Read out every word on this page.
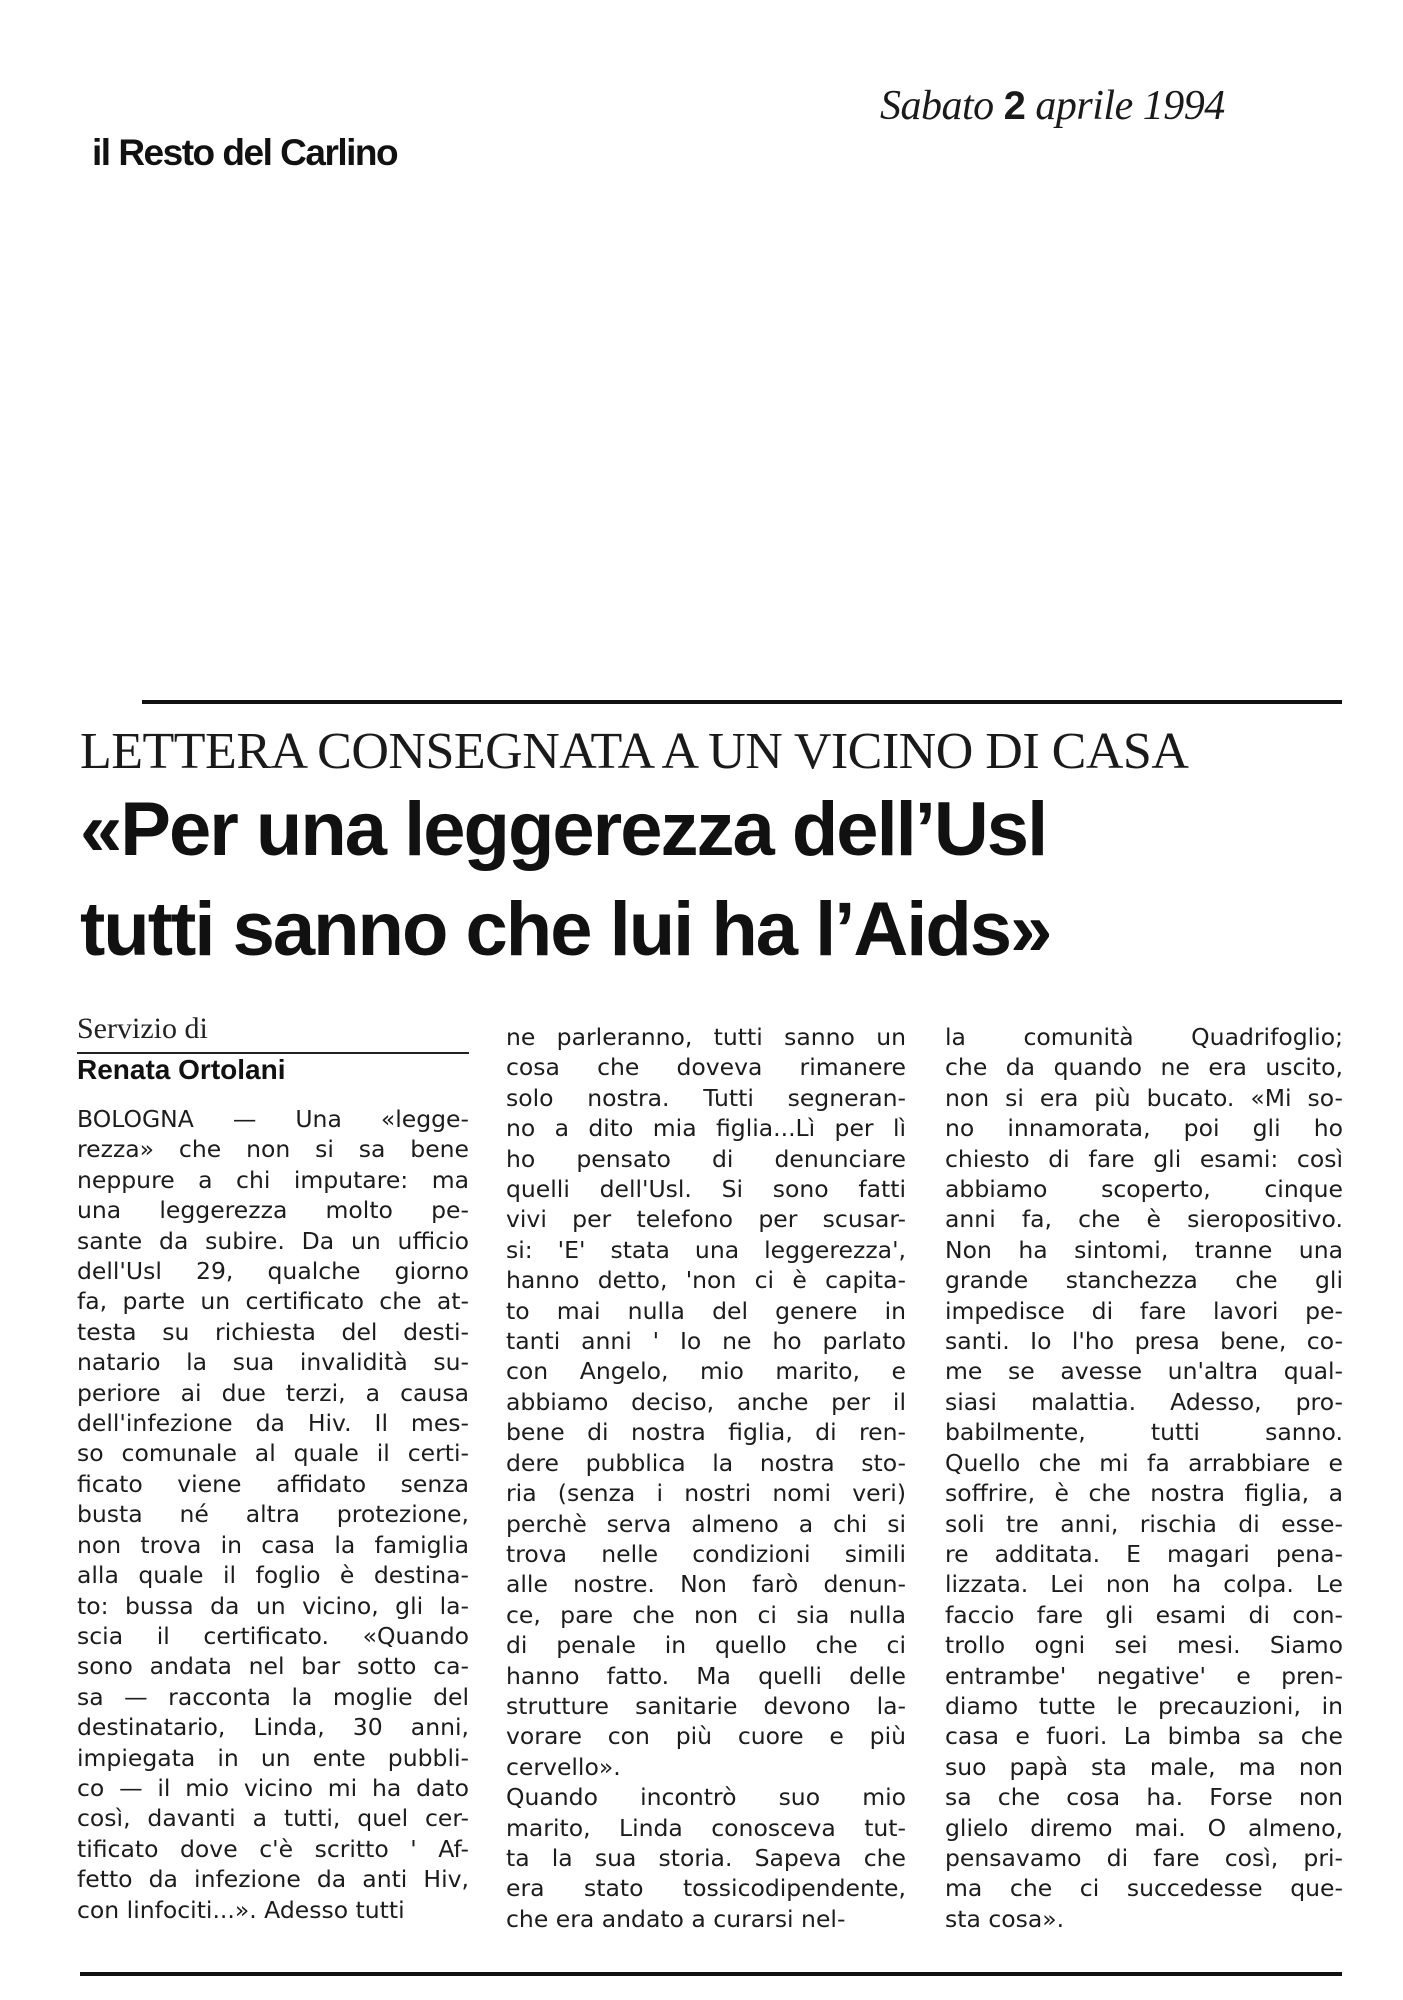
il Resto del Carlino
Sabato 2 aprile 1994
LETTERA CONSEGNATA A UN VICINO DI CASA
«Per una leggerezza dell’Usl
tutti sanno che lui ha l’Aids»
Servizio di
Renata Ortolani
BOLOGNA — Una «legge-
rezza» che non si sa bene
neppure a chi imputare: ma
una leggerezza molto pe-
sante da subire. Da un ufficio
dell'Usl 29, qualche giorno
fa, parte un certificato che at-
testa su richiesta del desti-
natario la sua invalidità su-
periore ai due terzi, a causa
dell'infezione da Hiv. Il mes-
so comunale al quale il certi-
ficato viene affidato senza
busta né altra protezione,
non trova in casa la famiglia
alla quale il foglio è destina-
to: bussa da un vicino, gli la-
scia il certificato. «Quando
sono andata nel bar sotto ca-
sa — racconta la moglie del
destinatario, Linda, 30 anni,
impiegata in un ente pubbli-
co — il mio vicino mi ha dato
così, davanti a tutti, quel cer-
tificato dove c'è scritto ' Af-
fetto da infezione da anti Hiv,
con linfociti...». Adesso tutti
ne parleranno, tutti sanno un
cosa che doveva rimanere
solo nostra. Tutti segneran-
no a dito mia figlia...Lì per lì
ho pensato di denunciare
quelli dell'Usl. Si sono fatti
vivi per telefono per scusar-
si: 'E' stata una leggerezza',
hanno detto, 'non ci è capita-
to mai nulla del genere in
tanti anni ' Io ne ho parlato
con Angelo, mio marito, e
abbiamo deciso, anche per il
bene di nostra figlia, di ren-
dere pubblica la nostra sto-
ria (senza i nostri nomi veri)
perchè serva almeno a chi si
trova nelle condizioni simili
alle nostre. Non farò denun-
ce, pare che non ci sia nulla
di penale in quello che ci
hanno fatto. Ma quelli delle
strutture sanitarie devono la-
vorare con più cuore e più
cervello».
Quando incontrò suo mio
marito, Linda conosceva tut-
ta la sua storia. Sapeva che
era stato tossicodipendente,
che era andato a curarsi nel-
la comunità Quadrifoglio;
che da quando ne era uscito,
non si era più bucato. «Mi so-
no innamorata, poi gli ho
chiesto di fare gli esami: così
abbiamo scoperto, cinque
anni fa, che è sieropositivo.
Non ha sintomi, tranne una
grande stanchezza che gli
impedisce di fare lavori pe-
santi. Io l'ho presa bene, co-
me se avesse un'altra qual-
siasi malattia. Adesso, pro-
babilmente, tutti sanno.
Quello che mi fa arrabbiare e
soffrire, è che nostra figlia, a
soli tre anni, rischia di esse-
re additata. E magari pena-
lizzata. Lei non ha colpa. Le
faccio fare gli esami di con-
trollo ogni sei mesi. Siamo
entrambe' negative' e pren-
diamo tutte le precauzioni, in
casa e fuori. La bimba sa che
suo papà sta male, ma non
sa che cosa ha. Forse non
glielo diremo mai. O almeno,
pensavamo di fare così, pri-
ma che ci succedesse que-
sta cosa».
